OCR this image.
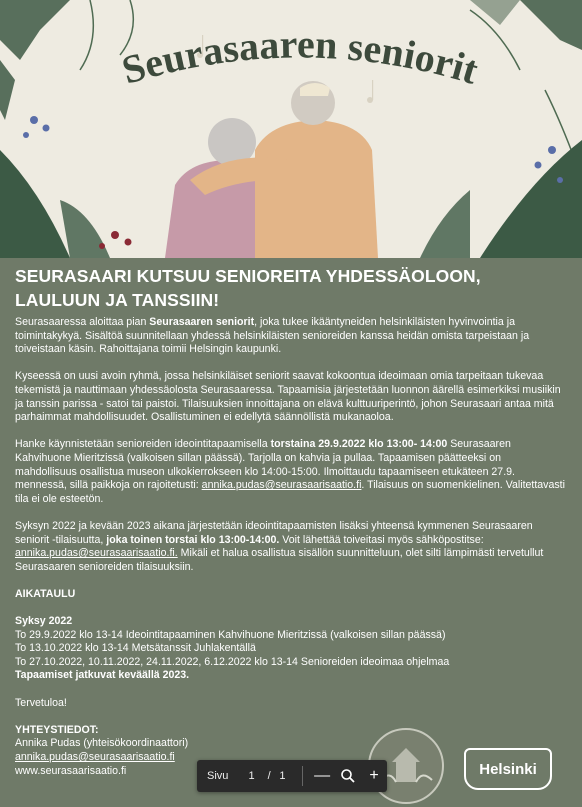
Seurasaaren seniorit
SEURASAARI KUTSUU SENIOREITA YHDESSÄOLOON,
LAULUUN JA TANSSIIN!

Seurasaaressa aloittaa pian Seurasaaren seniorit, joka tukee ikääntyneiden helsinkiläisten hyvinvointia ja toimintakykyä. Sisältöä suunnitellaan yhdessä helsinkiläisten senioreiden kanssa heidän omista tarpeistaan ja toiveistaan käsin. Rahoittajana toimii Helsingin kaupunki.

Kyseessä on uusi avoin ryhmä, jossa helsinkiläiset seniorit saavat kokoontua ideoimaan omia tarpeitaan tukevaa tekemistä ja nauttimaan yhdessäolosta Seurasaaressa. Tapaamisia järjestetään luonnon äärellä esimerkiksi musiikin ja tanssin parissa - satoi tai paistoi. Tilaisuuksien innoittajana on elävä kulttuuriperintö, johon Seurasaari antaa mitä parhaimmat mahdollisuudet. Osallistuminen ei edellytä säännöllistä mukanaoloa.

Hanke käynnistetään senioreiden ideointitapaamisella torstaina 29.9.2022 klo 13:00- 14:00 Seurasaaren Kahvihuone Mieritzissä (valkoisen sillan päässä). Tarjolla on kahvia ja pullaa. Tapaamisen päätteeksi on mahdollisuus osallistua museon ulkokierrokseen klo 14:00-15:00. Ilmoittaudu tapaamiseen etukäteen 27.9. mennessä, sillä paikkoja on rajoitetusti: annika.pudas@seurasaarisaatio.fi. Tilaisuus on suomenkielinen. Valitettavasti tila ei ole esteetön.

Syksyn 2022 ja kevään 2023 aikana järjestetään ideointitapaamisten lisäksi yhteensä kymmenen Seurasaaren seniorit -tilaisuutta, joka toinen torstai klo 13:00-14:00. Voit lähettää toiveitasi myös sähköpostitse: annika.pudas@seurasaarisaatio.fi. Mikäli et halua osallistua sisällön suunnitteluun, olet silti lämpimästi tervetullut Seurasaaren senioreiden tilaisuuksiin.

AIKATAULU

Syksy 2022
To 29.9.2022 klo 13-14 Ideointitapaaminen Kahvihuone Mieritzissä (valkoisen sillan päässä)
To 13.10.2022 klo 13-14 Metsätanssit Juhlakentällä
To 27.10.2022, 10.11.2022, 24.11.2022, 6.12.2022 klo 13-14 Senioreiden ideoimaa ohjelmaa
Tapaamiset jatkuvat keväällä 2023.

Tervetuloa!

YHTEYSTIEDOT:
Annika Pudas (yhteisökoordinaattori)
annika.pudas@seurasaarisaatio.fi
www.seurasaarisaatio.fi	Helsinki
Sivu	1	/ 1	— +
